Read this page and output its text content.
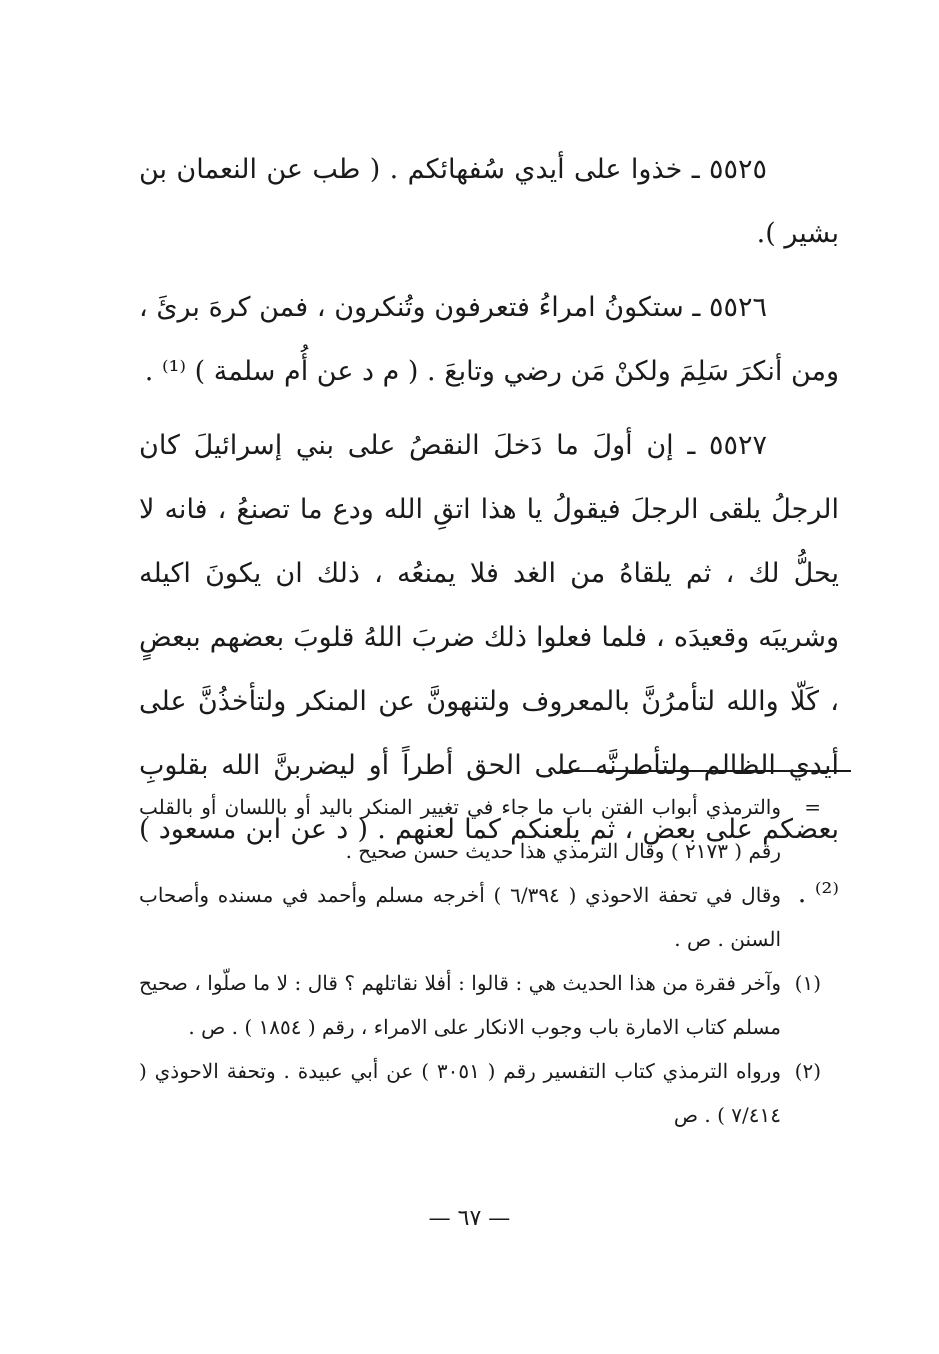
٥٥٢٥ ـ خذوا على أيدي سُفهائكم . ( طب عن النعمان بن بشير ).

٥٥٢٦ ـ ستكونُ امراءُ فتعرفون وتُنكرون ، فمن كرهَ برئَ ، ومن أنكرَ سَلِمَ ولكنْ مَن رضي وتابعَ . ( م د عن أُم سلمة ) ⁽¹⁾ .

٥٥٢٧ ـ إن أولَ ما دَخلَ النقصُ على بني إسرائيلَ كان الرجلُ يلقى الرجلَ فيقولُ يا هذا اتقِ الله ودع ما تصنعُ ، فانه لا يحلُّ لك ، ثم يلقاهُ من الغد فلا يمنعُه ، ذلك ان يكونَ اكيله وشريبَه وقعيدَه ، فلما فعلوا ذلك ضربَ اللهُ قلوبَ بعضهم ببعضٍ ، كَلّا والله لتأمرُنَّ بالمعروف ولتنهونَّ عن المنكر ولتأخذُنَّ على أيدي الظالم ولتأطرنَّه على الحق أطراً أو ليضربنَّ الله بقلوبِ بعضكم على بعض ، ثم يلعنكم كما لعنهم . ( د عن ابن مسعود )⁽²⁾ .

=
والترمذي أبواب الفتن باب ما جاء في تغيير المنكر باليد أو باللسان أو بالقلب رقم ( ٢١٧٣ ) وقال الترمذي هذا حديث حسن صحيح .
وقال في تحفة الاحوذي ( ٦/٣٩٤ ) أخرجه مسلم وأحمد في مسنده وأصحاب السنن . ص .
(١)
وآخر فقرة من هذا الحديث هي : قالوا : أفلا نقاتلهم ؟ قال : لا ما صلّوا ، صحيح مسلم كتاب الامارة باب وجوب الانكار على الامراء ، رقم ( ١٨٥٤ ) . ص .
(٢)
ورواه الترمذي كتاب التفسير رقم ( ٣٠٥١ ) عن أبي عبيدة . وتحفة الاحوذي ( ٧/٤١٤ ) . ص
— ٦٧ —
